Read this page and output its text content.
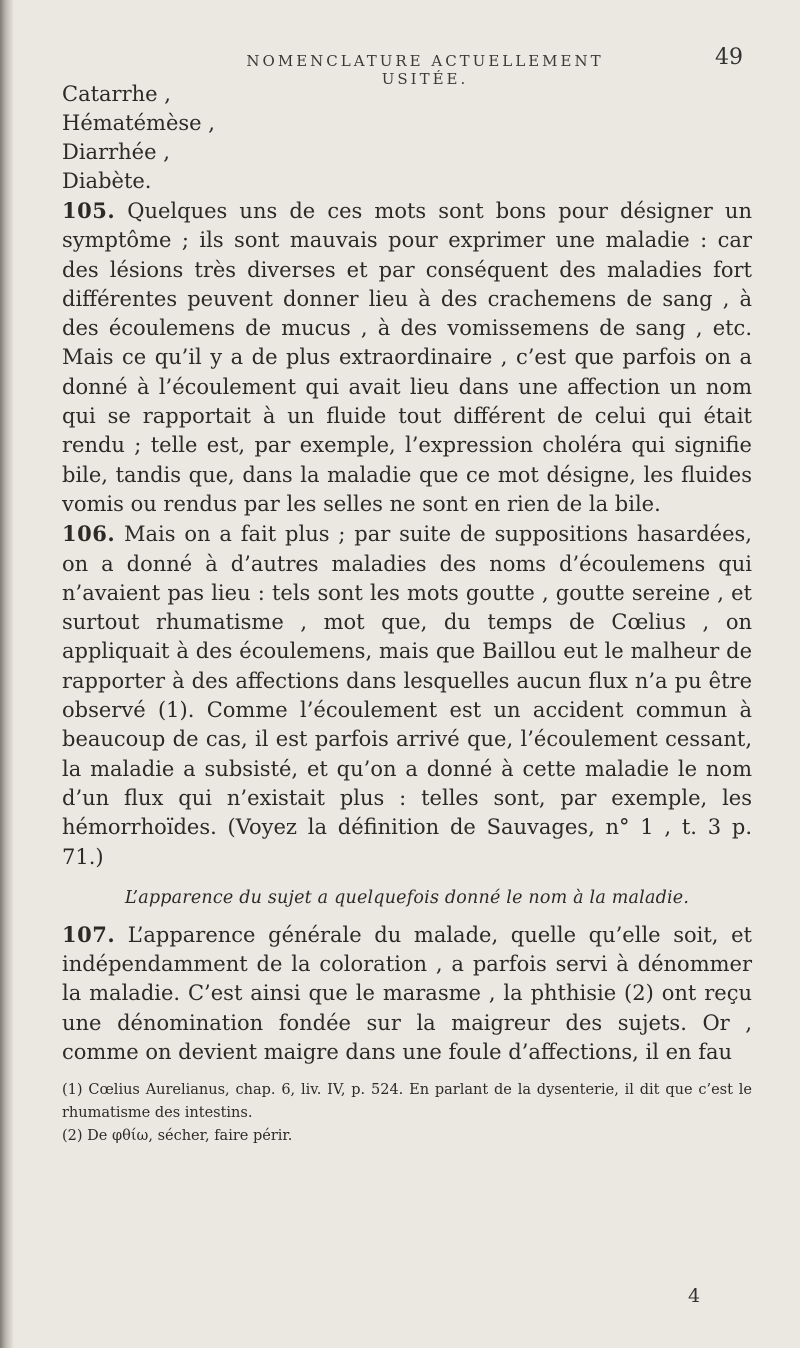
NOMENCLATURE ACTUELLEMENT USITÉE.
49
Catarrhe ,
Hématémèse ,
Diarrhée ,
Diabète.

105. Quelques uns de ces mots sont bons pour désigner un symptôme ; ils sont mauvais pour exprimer une maladie : car des lésions très diverses et par conséquent des maladies fort différentes peuvent donner lieu à des crachemens de sang , à des écoulemens de mucus , à des vomissemens de sang , etc. Mais ce qu’il y a de plus extraordinaire , c’est que parfois on a donné à l’écoulement qui avait lieu dans une affection un nom qui se rapportait à un fluide tout différent de celui qui était rendu ; telle est, par exemple, l’expression choléra qui signifie bile, tandis que, dans la maladie que ce mot désigne, les fluides vomis ou rendus par les selles ne sont en rien de la bile.

106. Mais on a fait plus ; par suite de suppositions hasardées, on a donné à d’autres maladies des noms d’écoulemens qui n’avaient pas lieu : tels sont les mots goutte , goutte sereine , et surtout rhumatisme , mot que, du temps de Cœlius , on appliquait à des écoulemens, mais que Baillou eut le malheur de rapporter à des affections dans lesquelles aucun flux n’a pu être observé (1). Comme l’écoulement est un accident commun à beaucoup de cas, il est parfois arrivé que, l’écoulement cessant, la maladie a subsisté, et qu’on a donné à cette maladie le nom d’un flux qui n’existait plus : telles sont, par exemple, les hémorrhoïdes. (Voyez la définition de Sauvages, n° 1 , t. 3 p. 71.)

L’apparence du sujet a quelquefois donné le nom à la maladie.

107. L’apparence générale du malade, quelle qu’elle soit, et indépendamment de la coloration , a parfois servi à dénommer la maladie. C’est ainsi que le marasme , la phthisie (2) ont reçu une dénomination fondée sur la maigreur des sujets. Or , comme on devient maigre dans une foule d’affections, il en fau

(1) Cœlius Aurelianus, chap. 6, liv. IV, p. 524. En parlant de la dysenterie, il dit que c’est le rhumatisme des intestins.

(2) De φθίω, sécher, faire périr.

4
